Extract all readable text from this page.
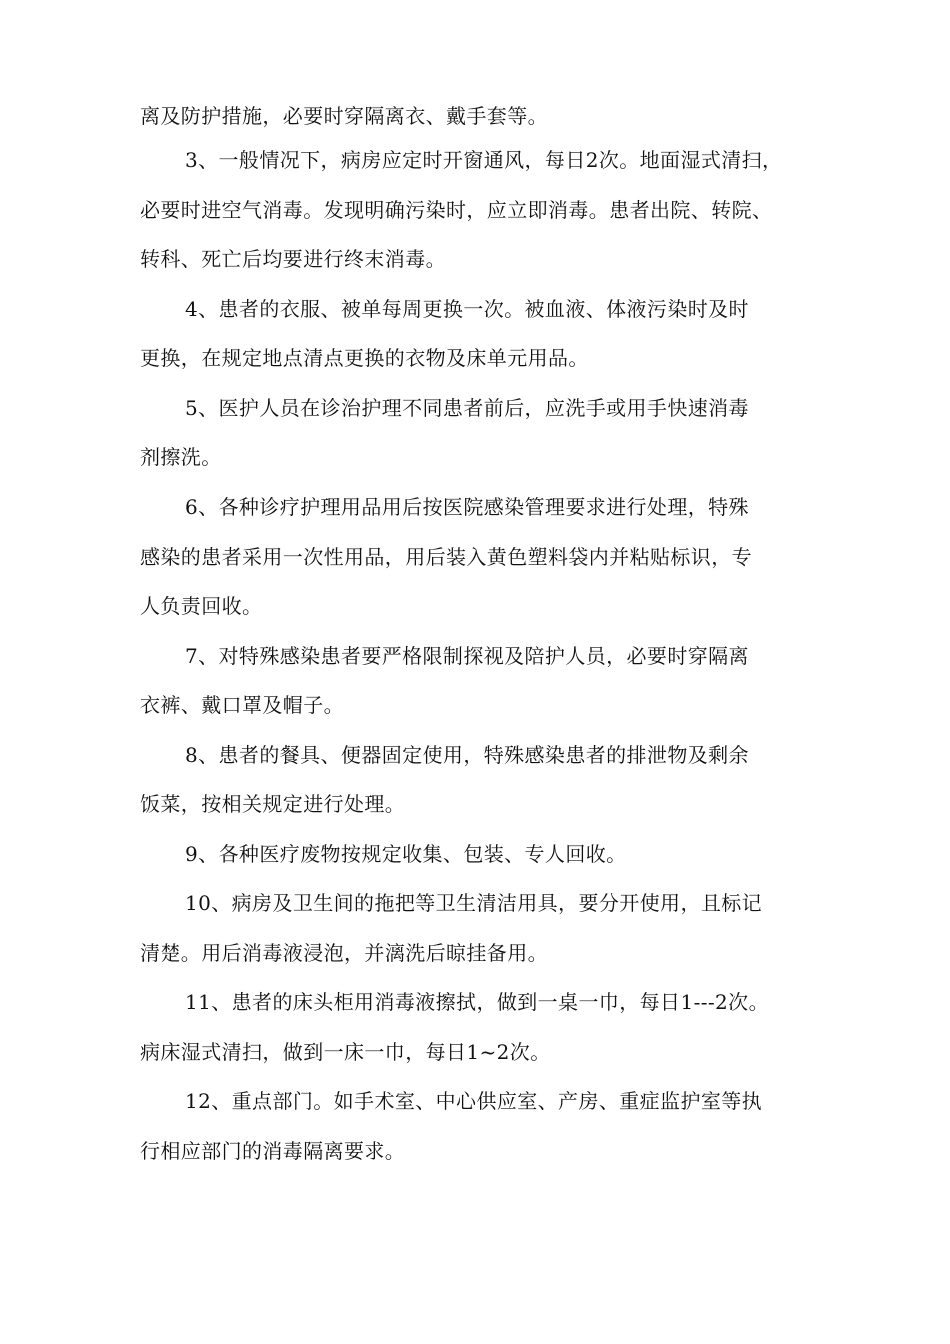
离及防护措施，必要时穿隔离衣、戴手套等。
3、一般情况下，病房应定时开窗通风，每日2次。地面湿式清扫，
必要时进空气消毒。发现明确污染时，应立即消毒。患者出院、转院、
转科、死亡后均要进行终末消毒。
4、患者的衣服、被单每周更换一次。被血液、体液污染时及时
更换，在规定地点清点更换的衣物及床单元用品。
5、医护人员在诊治护理不同患者前后，应洗手或用手快速消毒
剂擦洗。
6、各种诊疗护理用品用后按医院感染管理要求进行处理，特殊
感染的患者采用一次性用品，用后装入黄色塑料袋内并粘贴标识，专
人负责回收。
7、对特殊感染患者要严格限制探视及陪护人员，必要时穿隔离
衣裤、戴口罩及帽子。
8、患者的餐具、便器固定使用，特殊感染患者的排泄物及剩余
饭菜，按相关规定进行处理。
9、各种医疗废物按规定收集、包装、专人回收。
10、病房及卫生间的拖把等卫生清洁用具，要分开使用，且标记
清楚。用后消毒液浸泡，并漓洗后晾挂备用。
11、患者的床头柜用消毒液擦拭，做到一桌一巾，每日1---2次。
病床湿式清扫，做到一床一巾，每日1~2次。
12、重点部门。如手术室、中心供应室、产房、重症监护室等执
行相应部门的消毒隔离要求。
